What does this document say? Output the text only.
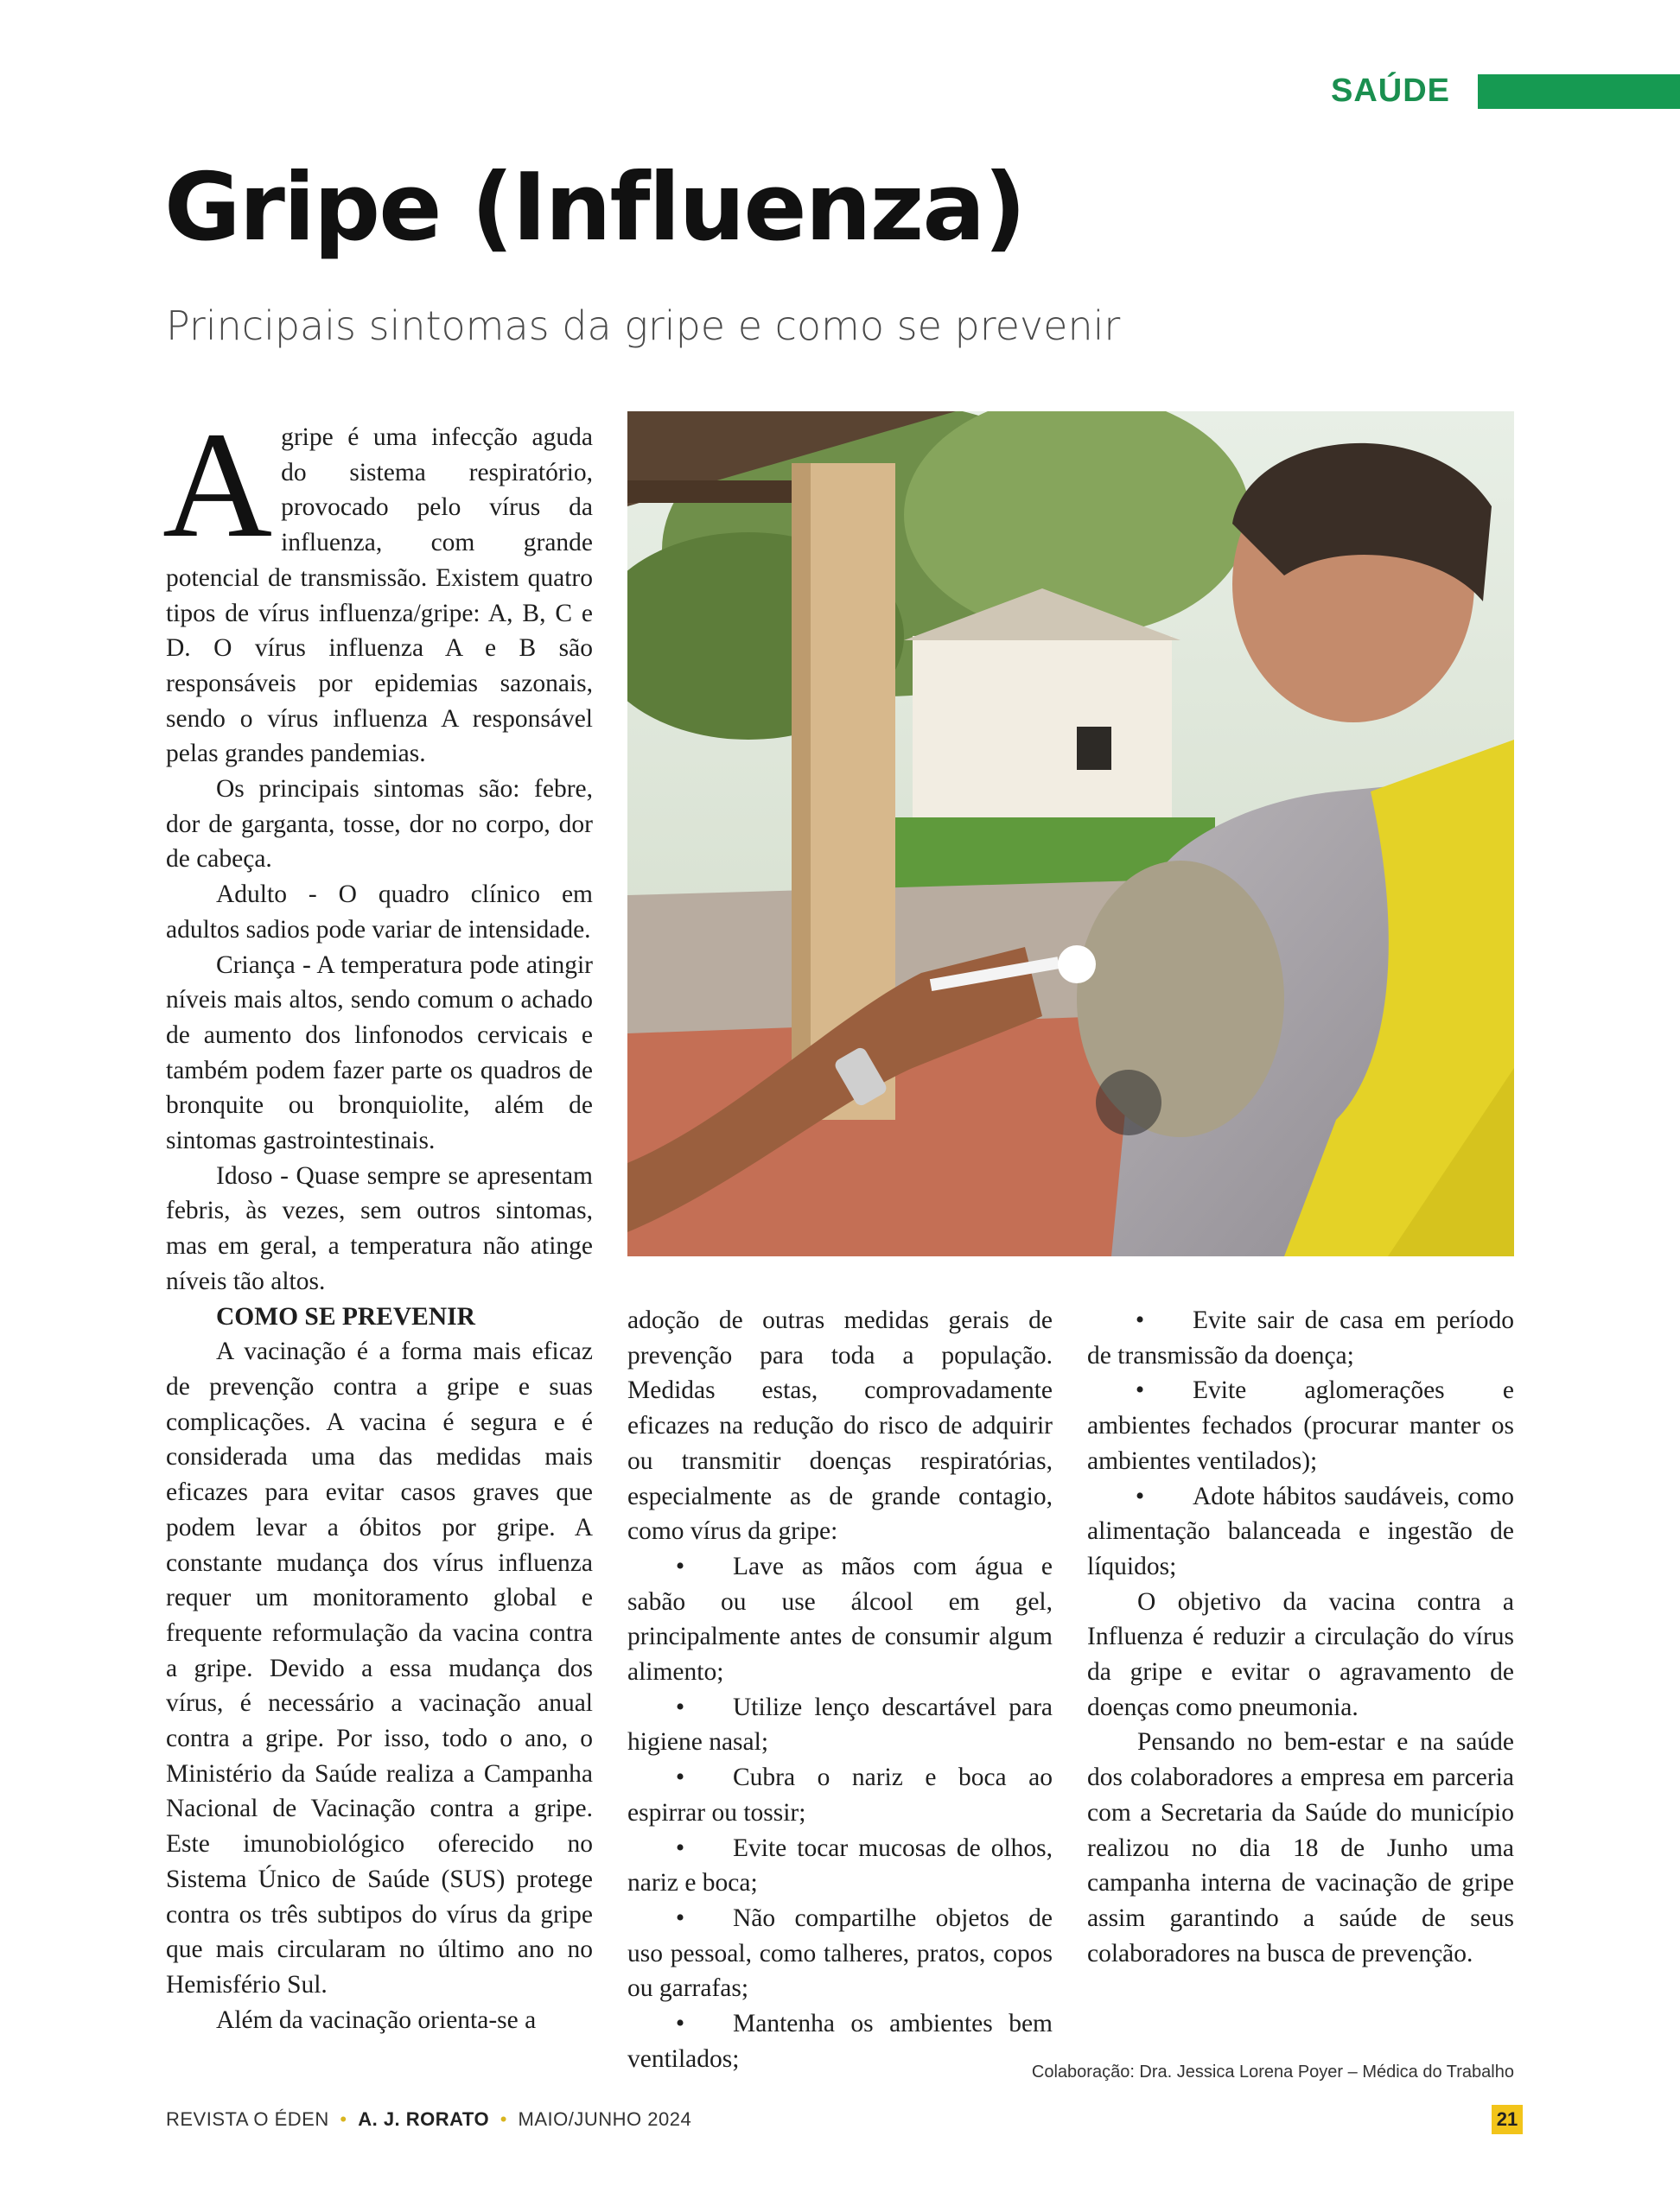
SAÚDE
Gripe (Influenza)
Principais sintomas da gripe e como se prevenir

Agripe é uma infecção aguda do sistema respiratório, provocado pelo vírus da influenza, com grande potencial de transmissão. Existem quatro tipos de vírus influenza/gripe: A, B, C e D. O vírus influenza A e B são responsáveis por epidemias sazonais, sendo o vírus influenza A responsável pelas grandes pandemias.

Os principais sintomas são: febre, dor de garganta, tosse, dor no corpo, dor de cabeça.

Adulto - O quadro clínico em adultos sadios pode variar de intensidade.

Criança - A temperatura pode atingir níveis mais altos, sendo comum o achado de aumento dos linfonodos cervicais e também podem fazer parte os quadros de bronquite ou bronquiolite, além de sintomas gastrointestinais.

Idoso - Quase sempre se apresentam febris, às vezes, sem outros sintomas, mas em geral, a temperatura não atinge níveis tão altos.

COMO SE PREVENIR

A vacinação é a forma mais eficaz de prevenção contra a gripe e suas complicações. A vacina é segura e é considerada uma das medidas mais eficazes para evitar casos graves que podem levar a óbitos por gripe. A constante mudança dos vírus influenza requer um monitoramento global e frequente reformulação da vacina contra a gripe. Devido a essa mudança dos vírus, é necessário a vacinação anual contra a gripe. Por isso, todo o ano, o Ministério da Saúde realiza a Campanha Nacional de Vacinação contra a gripe. Este imunobiológico oferecido no Sistema Único de Saúde (SUS) protege contra os três subtipos do vírus da gripe que mais circularam no último ano no Hemisfério Sul.

Além da vacinação orienta-se a

adoção de outras medidas gerais de prevenção para toda a população. Medidas estas, comprovadamente eficazes na redução do risco de adquirir ou transmitir doenças respiratórias, especialmente as de grande contagio, como vírus da gripe:

• Lave as mãos com água e sabão ou use álcool em gel, principalmente antes de consumir algum alimento;

• Utilize lenço descartável para higiene nasal;

• Cubra o nariz e boca ao espirrar ou tossir;

• Evite tocar mucosas de olhos, nariz e boca;

• Não compartilhe objetos de uso pessoal, como talheres, pratos, copos ou garrafas;

• Mantenha os ambientes bem ventilados;

• Evite sair de casa em período de transmissão da doença;

• Evite aglomerações e ambientes fechados (procurar manter os ambientes ventilados);

• Adote hábitos saudáveis, como alimentação balanceada e ingestão de líquidos;

O objetivo da vacina contra a Influenza é reduzir a circulação do vírus da gripe e evitar o agravamento de doenças como pneumonia.

Pensando no bem-estar e na saúde dos colaboradores a empresa em parceria com a Secretaria da Saúde do município realizou no dia 18 de Junho uma campanha interna de vacinação de gripe assim garantindo a saúde de seus colaboradores na busca de prevenção.

Colaboração: Dra. Jessica Lorena Poyer – Médica do Trabalho
REVISTA O ÉDEN • A. J. RORATO • MAIO/JUNHO 2024	21
